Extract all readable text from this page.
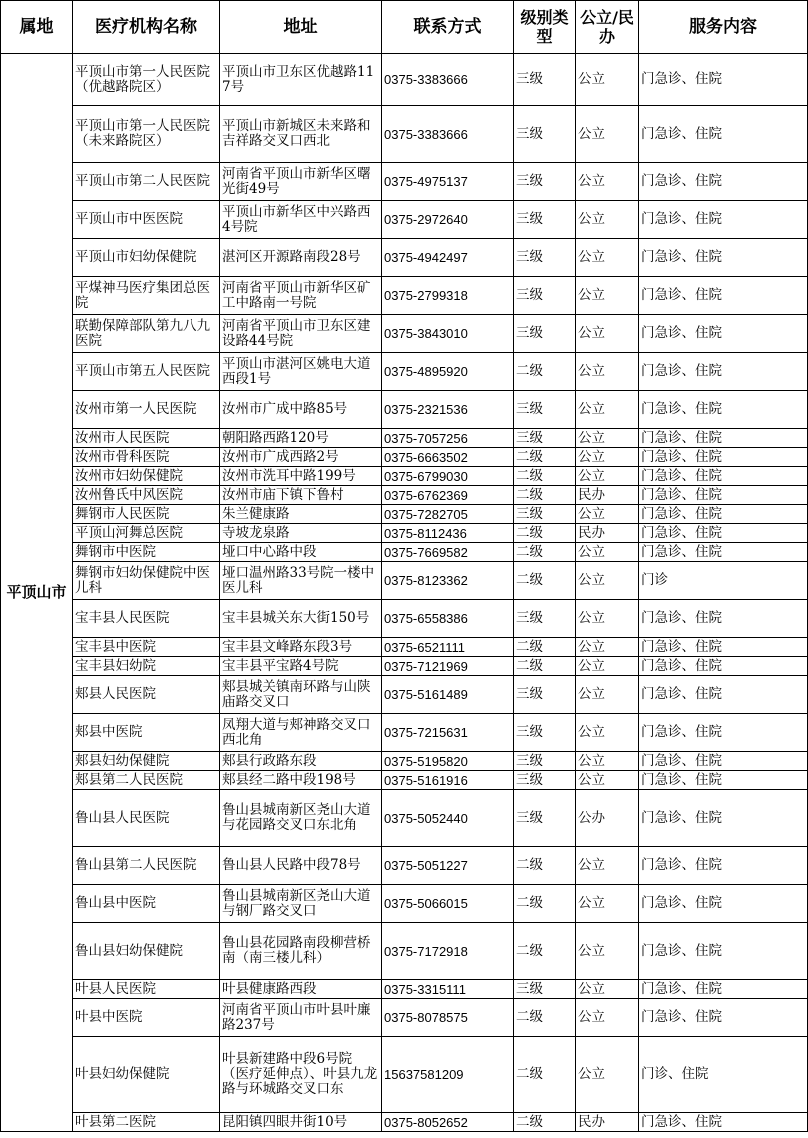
属地	医疗机构名称	地址	联系方式	级别类型	公立/民办	服务内容
平顶山市	平顶山市第一人民医院（优越路院区）	平顶山市卫东区优越路117号	0375-3383666	三级	公立	门急诊、住院
	平顶山市第一人民医院（未来路院区）	平顶山市新城区未来路和吉祥路交叉口西北	0375-3383666	三级	公立	门急诊、住院
	平顶山市第二人民医院	河南省平顶山市新华区曙光街49号	0375-4975137	三级	公立	门急诊、住院
	平顶山市中医医院	平顶山市新华区中兴路西4号院	0375-2972640	三级	公立	门急诊、住院
	平顶山市妇幼保健院	湛河区开源路南段28号	0375-4942497	三级	公立	门急诊、住院
	平煤神马医疗集团总医院	河南省平顶山市新华区矿工中路南一号院	0375-2799318	三级	公立	门急诊、住院
	联勤保障部队第九八九医院	河南省平顶山市卫东区建设路44号院	0375-3843010	三级	公立	门急诊、住院
	平顶山市第五人民医院	平顶山市湛河区姚电大道西段1号	0375-4895920	二级	公立	门急诊、住院
	汝州市第一人民医院	汝州市广成中路85号	0375-2321536	三级	公立	门急诊、住院
	汝州市人民医院	朝阳路西路120号	0375-7057256	三级	公立	门急诊、住院
	汝州市骨科医院	汝州市广成西路2号	0375-6663502	二级	公立	门急诊、住院
	汝州市妇幼保健院	汝州市洗耳中路199号	0375-6799030	二级	公立	门急诊、住院
	汝州鲁氏中风医院	汝州市庙下镇下鲁村	0375-6762369	二级	民办	门急诊、住院
	舞钢市人民医院	朱兰健康路	0375-7282705	三级	公立	门急诊、住院
	平顶山河舞总医院	寺坡龙泉路	0375-8112436	二级	民办	门急诊、住院
	舞钢市中医院	垭口中心路中段	0375-7669582	二级	公立	门急诊、住院
	舞钢市妇幼保健院中医儿科	垭口温州路33号院一楼中医儿科	0375-8123362	二级	公立	门诊
	宝丰县人民医院	宝丰县城关东大街150号	0375-6558386	三级	公立	门急诊、住院
	宝丰县中医院	宝丰县文峰路东段3号	0375-6521111	二级	公立	门急诊、住院
	宝丰县妇幼院	宝丰县平宝路4号院	0375-7121969	二级	公立	门急诊、住院
	郏县人民医院	郏县城关镇南环路与山陕庙路交叉口	0375-5161489	三级	公立	门急诊、住院
	郏县中医院	凤翔大道与郏神路交叉口西北角	0375-7215631	三级	公立	门急诊、住院
	郏县妇幼保健院	郏县行政路东段	0375-5195820	三级	公立	门急诊、住院
	郏县第二人民医院	郏县经二路中段198号	0375-5161916	三级	公立	门急诊、住院
	鲁山县人民医院	鲁山县城南新区尧山大道与花园路交叉口东北角	0375-5052440	三级	公办	门急诊、住院
	鲁山县第二人民医院	鲁山县人民路中段78号	0375-5051227	二级	公立	门急诊、住院
	鲁山县中医院	鲁山县城南新区尧山大道与钢厂路交叉口	0375-5066015	二级	公立	门急诊、住院
	鲁山县妇幼保健院	鲁山县花园路南段柳营桥南（南三楼儿科）	0375-7172918	二级	公立	门急诊、住院
	叶县人民医院	叶县健康路西段	0375-3315111	三级	公立	门急诊、住院
	叶县中医院	河南省平顶山市叶县叶廉路237号	0375-8078575	二级	公立	门急诊、住院
	叶县妇幼保健院	叶县新建路中段6号院（医疗延伸点）、叶县九龙路与环城路交叉口东	15637581209	二级	公立	门诊、住院
	叶县第二医院	昆阳镇四眼井街10号	0375-8052652	二级	民办	门急诊、住院
